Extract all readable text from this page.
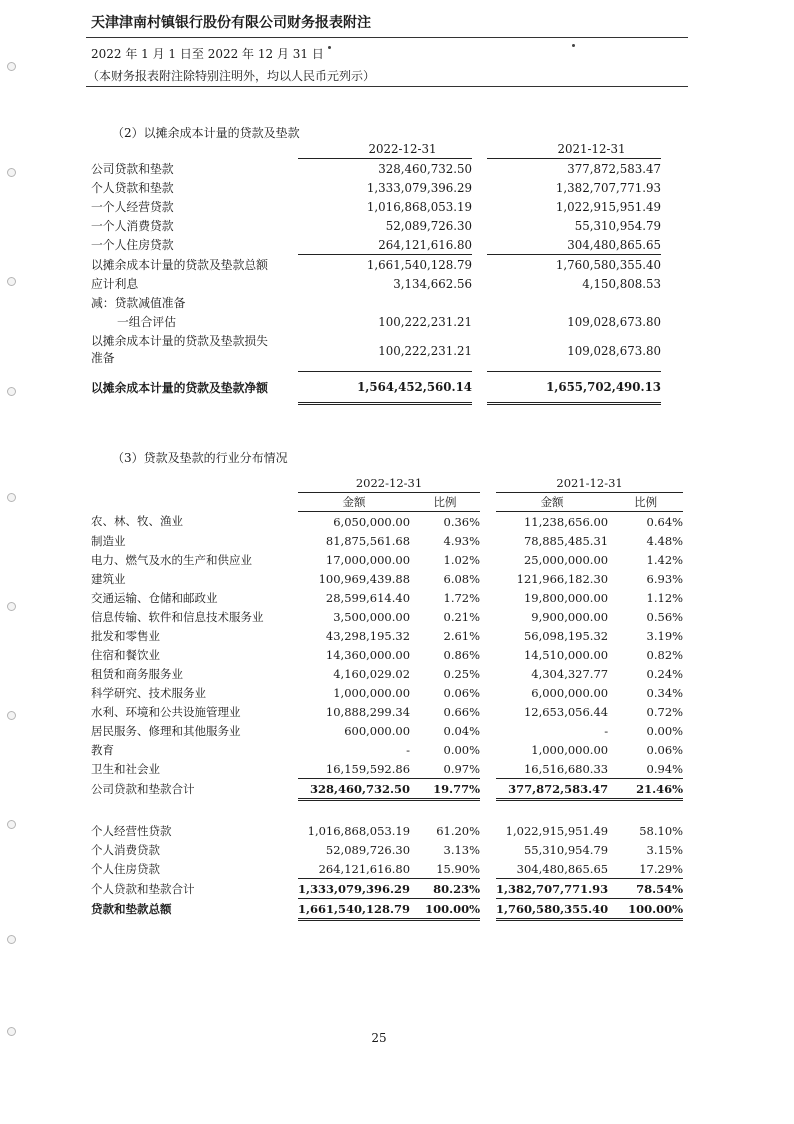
天津津南村镇银行股份有限公司财务报表附注
2022 年 1 月 1 日至 2022 年 12 月 31 日
（本财务报表附注除特别注明外，均以人民币元列示）
（2）以摊余成本计量的贷款及垫款
	2022-12-31		2021-12-31
公司贷款和垫款	328,460,732.50		377,872,583.47
个人贷款和垫款	1,333,079,396.29		1,382,707,771.93
一个人经营贷款	1,016,868,053.19		1,022,915,951.49
一个人消费贷款	52,089,726.30		55,310,954.79
一个人住房贷款	264,121,616.80		304,480,865.65
以摊余成本计量的贷款及垫款总额	1,661,540,128.79		1,760,580,355.40
应计利息	3,134,662.56		4,150,808.53
减：贷款减值准备			
一组合评估	100,222,231.21		109,028,673.80

以摊余成本计量的贷款及垫款损失
准备	100,222,231.21		109,028,673.80
以摊余成本计量的贷款及垫款净额	1,564,452,560.14		1,655,702,490.13
（3）贷款及垫款的行业分布情况
	2022-12-31			2021-12-31	
	金额	比例		金额	比例
农、林、牧、渔业	6,050,000.00	0.36%		11,238,656.00	0.64%
制造业	81,875,561.68	4.93%		78,885,485.31	4.48%
电力、燃气及水的生产和供应业	17,000,000.00	1.02%		25,000,000.00	1.42%
建筑业	100,969,439.88	6.08%		121,966,182.30	6.93%
交通运输、仓储和邮政业	28,599,614.40	1.72%		19,800,000.00	1.12%
信息传输、软件和信息技术服务业	3,500,000.00	0.21%		9,900,000.00	0.56%
批发和零售业	43,298,195.32	2.61%		56,098,195.32	3.19%
住宿和餐饮业	14,360,000.00	0.86%		14,510,000.00	0.82%
租赁和商务服务业	4,160,029.02	0.25%		4,304,327.77	0.24%
科学研究、技术服务业	1,000,000.00	0.06%		6,000,000.00	0.34%
水利、环境和公共设施管理业	10,888,299.34	0.66%		12,653,056.44	0.72%
居民服务、修理和其他服务业	600,000.00	0.04%		-	0.00%
教育	-	0.00%		1,000,000.00	0.06%
卫生和社会业	16,159,592.86	0.97%		16,516,680.33	0.94%
公司贷款和垫款合计	328,460,732.50	19.77%		377,872,583.47	21.46%

个人经营性贷款	1,016,868,053.19	61.20%		1,022,915,951.49	58.10%
个人消费贷款	52,089,726.30	3.13%		55,310,954.79	3.15%
个人住房贷款	264,121,616.80	15.90%		304,480,865.65	17.29%
个人贷款和垫款合计	1,333,079,396.29	80.23%		1,382,707,771.93	78.54%
贷款和垫款总额	1,661,540,128.79	100.00%		1,760,580,355.40	100.00%
25
